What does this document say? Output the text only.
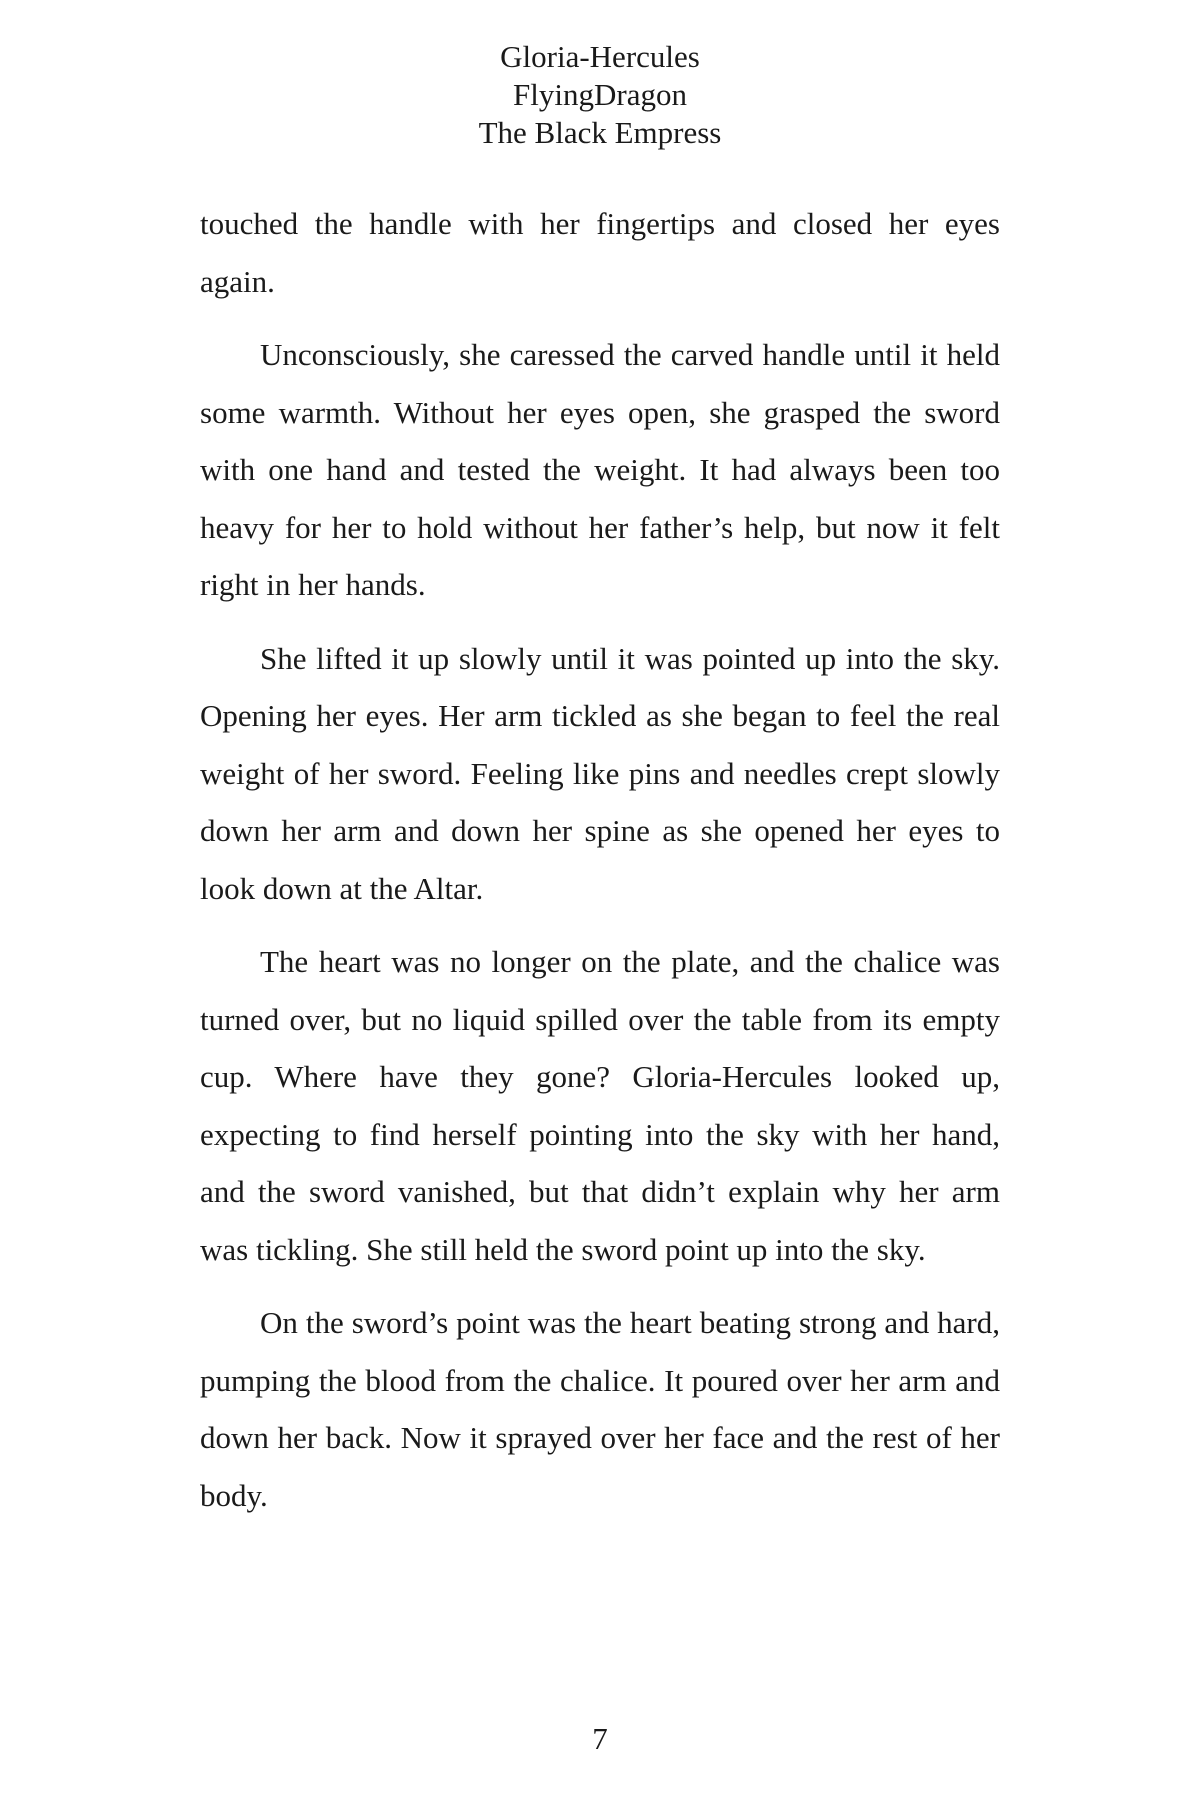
Gloria-Hercules
FlyingDragon
The Black Empress

touched the handle with her fingertips and closed her eyes again.

Unconsciously, she caressed the carved handle until it held some warmth. Without her eyes open, she grasped the sword with one hand and tested the weight. It had always been too heavy for her to hold without her father’s help, but now it felt right in her hands.

She lifted it up slowly until it was pointed up into the sky. Opening her eyes. Her arm tickled as she began to feel the real weight of her sword. Feeling like pins and needles crept slowly down her arm and down her spine as she opened her eyes to look down at the Altar.

The heart was no longer on the plate, and the chalice was turned over, but no liquid spilled over the table from its empty cup. Where have they gone? Gloria-Hercules looked up, expecting to find herself pointing into the sky with her hand, and the sword vanished, but that didn’t explain why her arm was tickling. She still held the sword point up into the sky.

On the sword’s point was the heart beating strong and hard, pumping the blood from the chalice. It poured over her arm and down her back. Now it sprayed over her face and the rest of her body.

7
